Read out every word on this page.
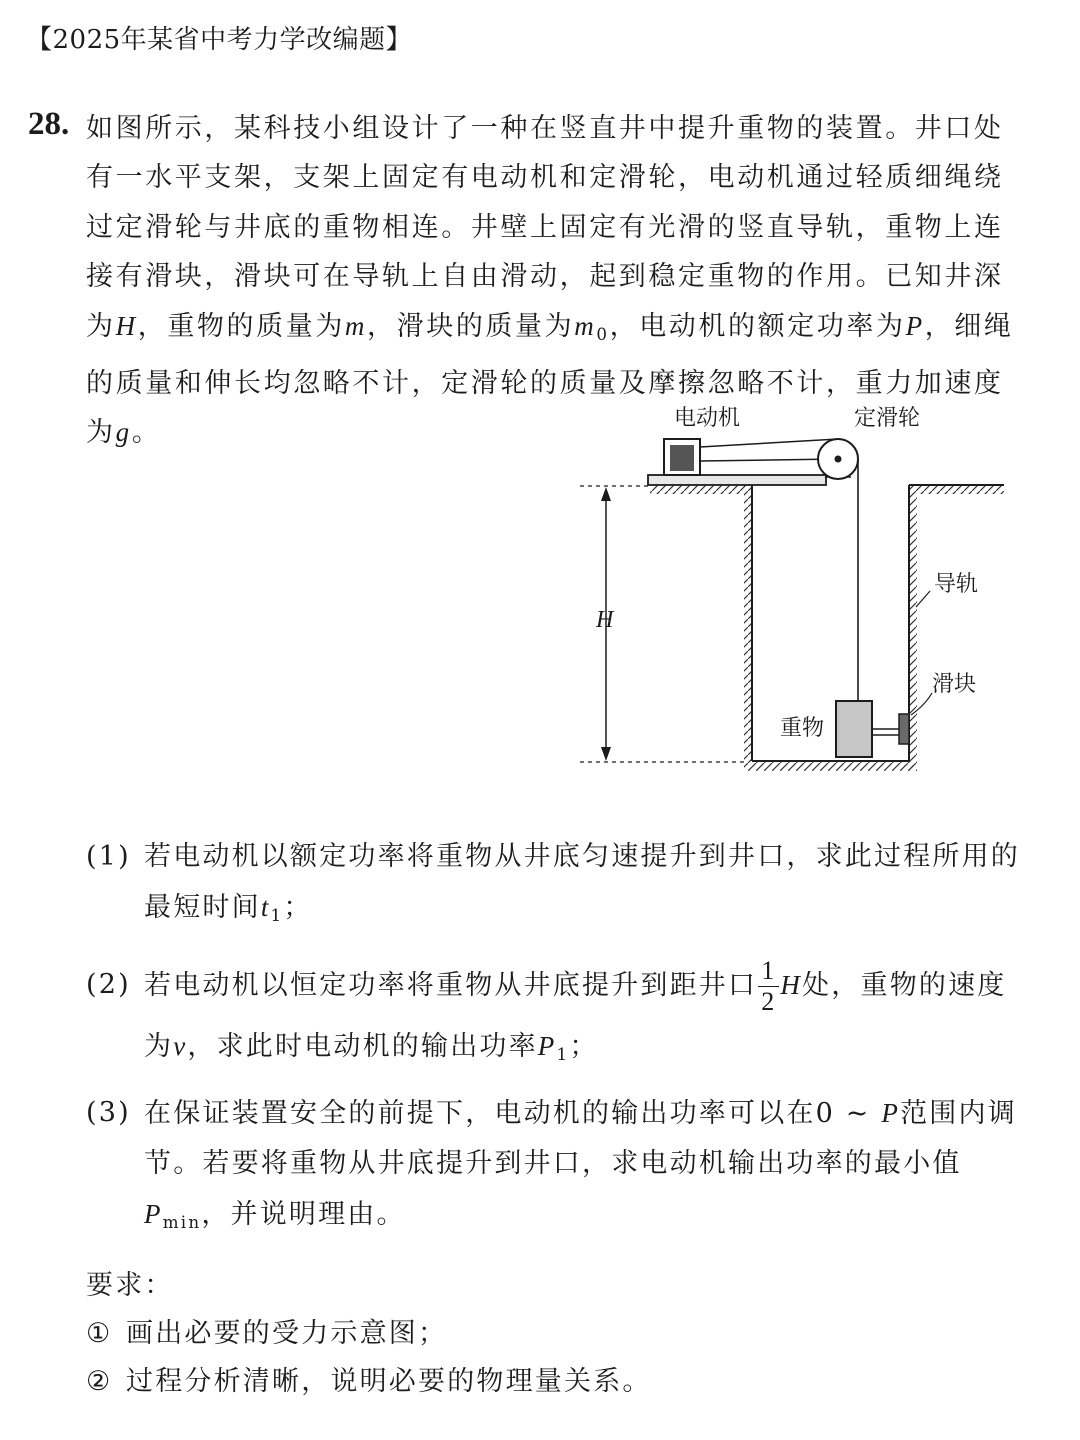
【2025年某省中考力学改编题】
28. 如图所示，某科技小组设计了一种在竖直井中提升重物的装置。井口处有一水平支架，支架上固定有电动机和定滑轮，电动机通过轻质细绳绕过定滑轮与井底的重物相连。井壁上固定有光滑的竖直导轨，重物上连接有滑块，滑块可在导轨上自由滑动，起到稳定重物的作用。已知井深为H，重物的质量为m，滑块的质量为$m_0$，电动机的额定功率为P，细绳的质量和伸长均忽略不计，定滑轮的质量及摩擦忽略不计，重力加速度为g。

H
电动机	定滑轮
导轨
滑块
重物
(1) 若电动机以额定功率将重物从井底匀速提升到井口，求此过程所用的最短时间$t_1$；
(2) 若电动机以恒定功率将重物从井底提升到距井口 $\frac{1}{2}$ H处，重物的速度为v，求此时电动机的输出功率$P_1$；
(3) 在保证装置安全的前提下，电动机的输出功率可以在0 ~ P范围内调节。若要将重物从井底提升到井口，求电动机输出功率的最小值$P_{min}$，并说明理由。
要求：
① 画出必要的受力示意图；
② 过程分析清晰，说明必要的物理量关系。
